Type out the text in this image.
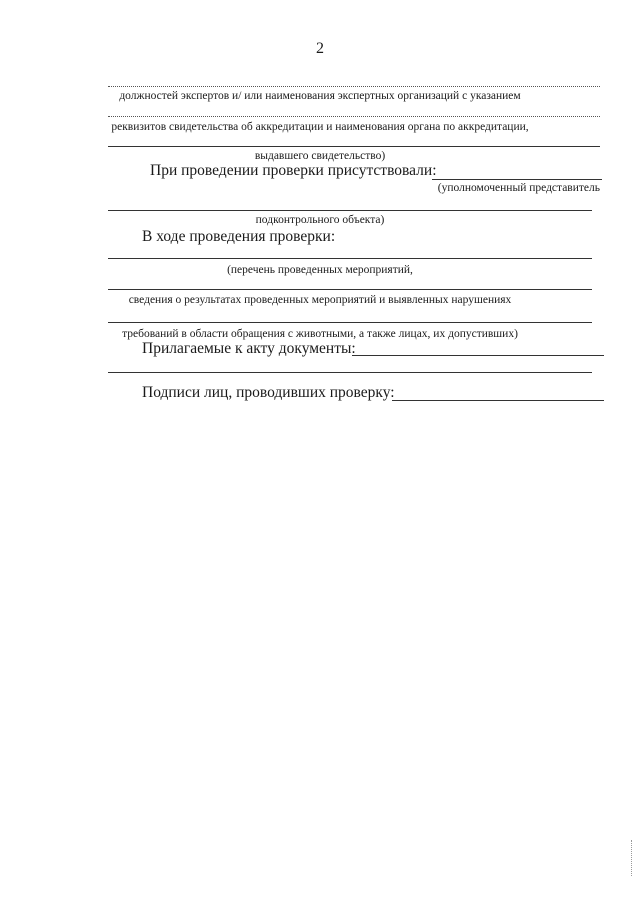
2
должностей экспертов и/ или наименования экспертных организаций с указанием
реквизитов свидетельства об аккредитации и наименования органа по аккредитации,
выдавшего свидетельство)
При проведении проверки присутствовали:
(уполномоченный представитель
подконтрольного объекта)
В ходе проведения проверки:
(перечень проведенных мероприятий,
сведения о результатах проведенных мероприятий и выявленных нарушениях
требований в области обращения с животными, а также лицах, их допустивших)
Прилагаемые к акту документы:
Подписи лиц, проводивших проверку:
